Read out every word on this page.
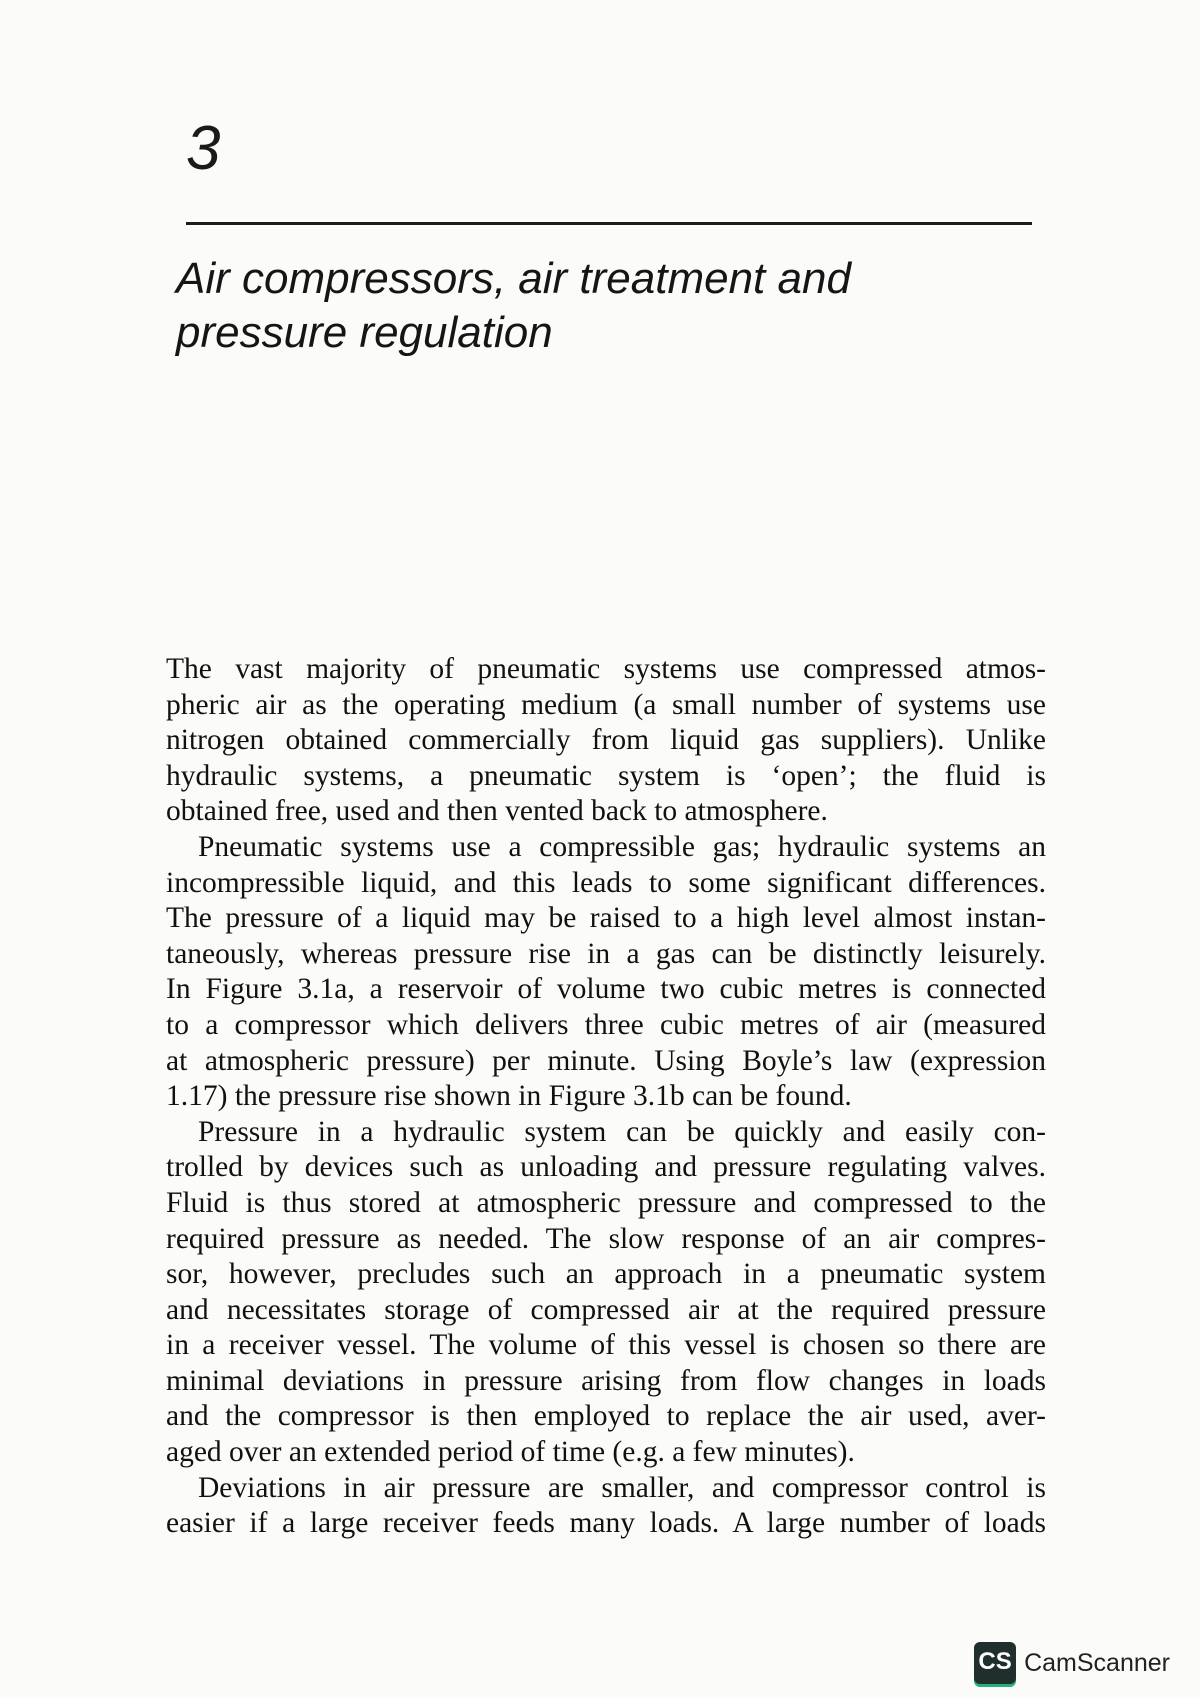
3
Air compressors, air treatment and
pressure regulation
The vast majority of pneumatic systems use compressed atmos-
pheric air as the operating medium (a small number of systems use
nitrogen obtained commercially from liquid gas suppliers). Unlike
hydraulic systems, a pneumatic system is ‘open’; the fluid is
obtained free, used and then vented back to atmosphere.
Pneumatic systems use a compressible gas; hydraulic systems an
incompressible liquid, and this leads to some significant differences.
The pressure of a liquid may be raised to a high level almost instan-
taneously, whereas pressure rise in a gas can be distinctly leisurely.
In Figure 3.1a, a reservoir of volume two cubic metres is connected
to a compressor which delivers three cubic metres of air (measured
at atmospheric pressure) per minute. Using Boyle’s law (expression
1.17) the pressure rise shown in Figure 3.1b can be found.
Pressure in a hydraulic system can be quickly and easily con-
trolled by devices such as unloading and pressure regulating valves.
Fluid is thus stored at atmospheric pressure and compressed to the
required pressure as needed. The slow response of an air compres-
sor, however, precludes such an approach in a pneumatic system
and necessitates storage of compressed air at the required pressure
in a receiver vessel. The volume of this vessel is chosen so there are
minimal deviations in pressure arising from flow changes in loads
and the compressor is then employed to replace the air used, aver-
aged over an extended period of time (e.g. a few minutes).
Deviations in air pressure are smaller, and compressor control is
easier if a large receiver feeds many loads. A large number of loads
CS CamScanner
